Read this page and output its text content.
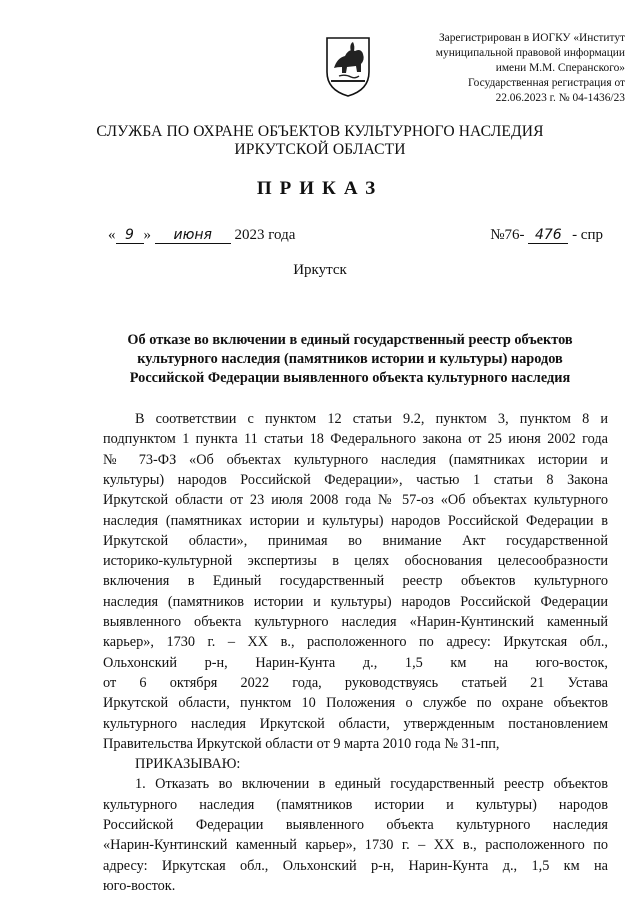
Зарегистрирован в ИОГКУ «Институт
муниципальной правовой информации
имени М.М. Сперанского»
Государственная регистрация от
22.06.2023 г. № 04-1436/23
СЛУЖБА ПО ОХРАНЕ ОБЪЕКТОВ КУЛЬТУРНОГО НАСЛЕДИЯ
ИРКУТСКОЙ ОБЛАСТИ
ПРИКАЗ
« 9 » июня 2023 года	№76- 476 - спр
Иркутск
Об отказе во включении в единый государственный реестр объектов
культурного наследия (памятников истории и культуры) народов
Российской Федерации выявленного объекта культурного наследия
В соответствии с пунктом 12 статьи 9.2, пунктом 3, пунктом 8 и
подпунктом 1 пункта 11 статьи 18 Федерального закона от 25 июня 2002 года
№ 73-ФЗ «Об объектах культурного наследия (памятниках истории и
культуры) народов Российской Федерации», частью 1 статьи 8 Закона
Иркутской области от 23 июля 2008 года № 57-оз «Об объектах культурного
наследия (памятниках истории и культуры) народов Российской Федерации в
Иркутской области», принимая во внимание Акт государственной
историко-культурной экспертизы в целях обоснования целесообразности
включения в Единый государственный реестр объектов культурного
наследия (памятников истории и культуры) народов Российской Федерации
выявленного объекта культурного наследия «Нарин-Кунтинский каменный
карьер», 1730 г. – XX в., расположенного по адресу: Иркутская обл.,
Ольхонский р-н, Нарин-Кунта д., 1,5 км на юго-восток,
от 6 октября 2022 года, руководствуясь статьей 21 Устава
Иркутской области, пунктом 10 Положения о службе по охране объектов
культурного наследия Иркутской области, утвержденным постановлением
Правительства Иркутской области от 9 марта 2010 года № 31-пп,
ПРИКАЗЫВАЮ:
1. Отказать во включении в единый государственный реестр объектов
культурного наследия (памятников истории и культуры) народов
Российской Федерации выявленного объекта культурного наследия
«Нарин-Кунтинский каменный карьер», 1730 г. – XX в., расположенного по
адресу: Иркутская обл., Ольхонский р-н, Нарин-Кунта д., 1,5 км на
юго-восток.
